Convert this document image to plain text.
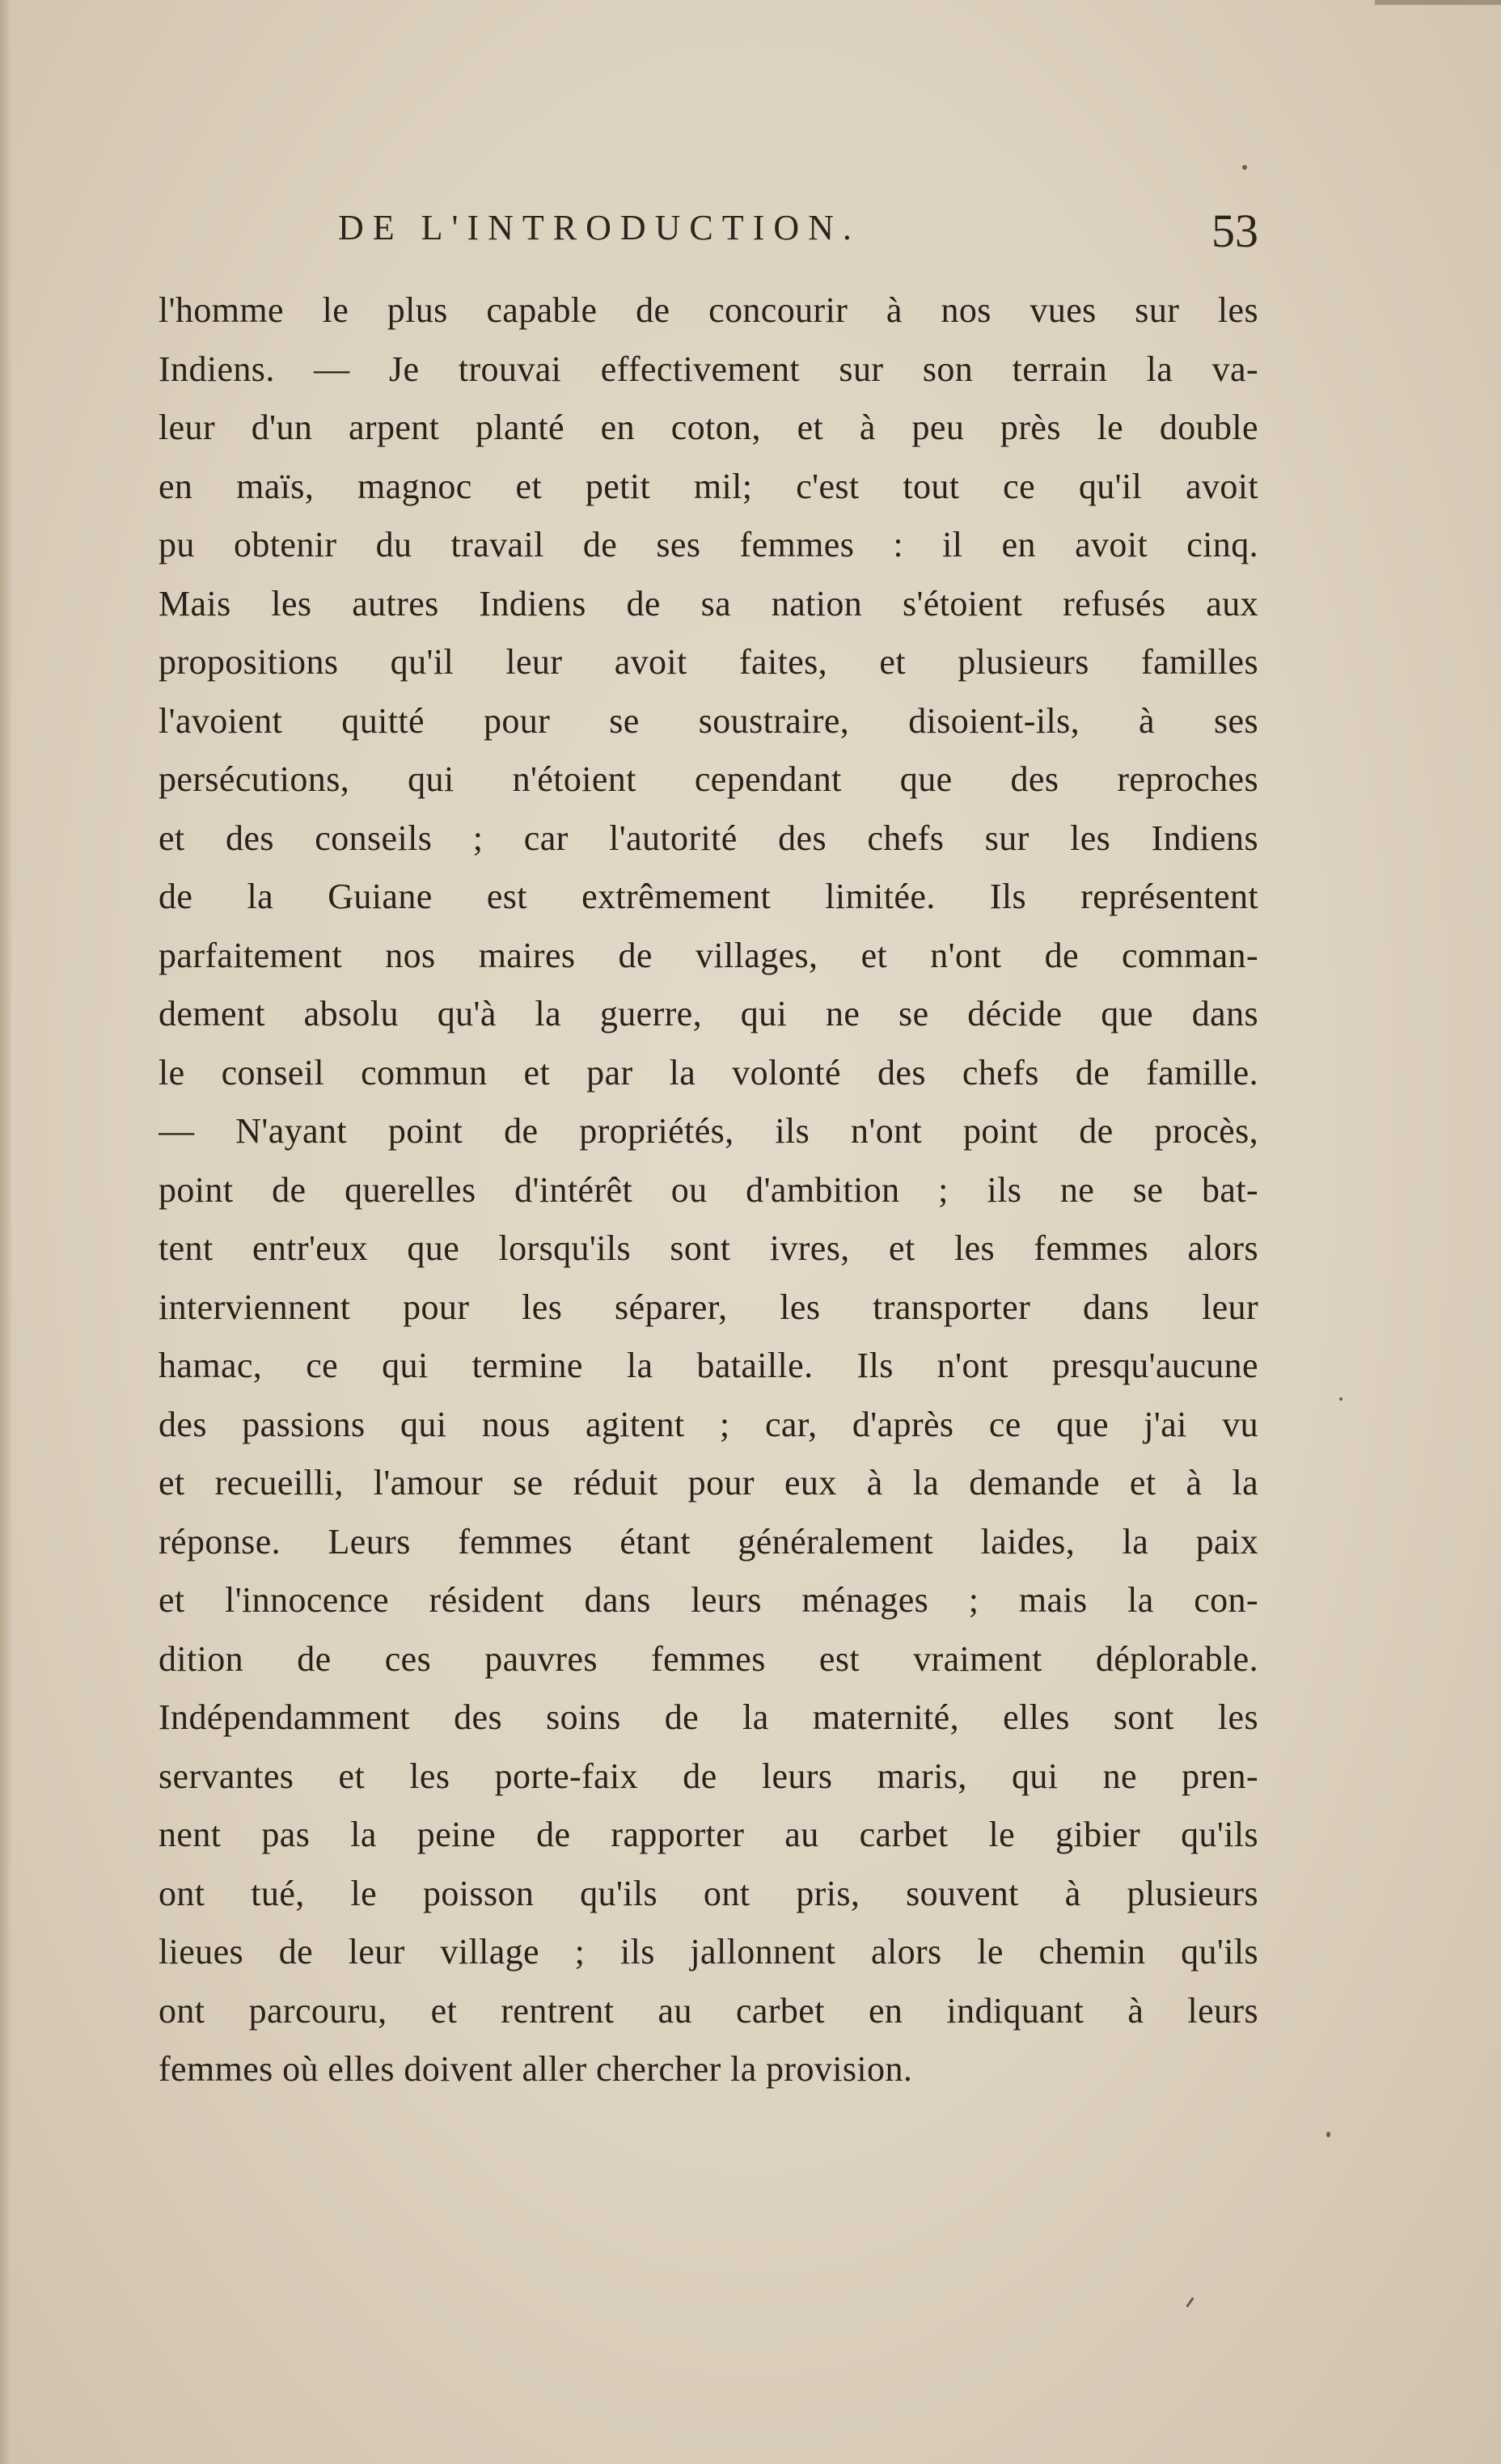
DE L'INTRODUCTION.	53
l'homme le plus capable de concourir à nos vues sur les
Indiens. — Je trouvai effectivement sur son terrain la va-
leur d'un arpent planté en coton, et à peu près le double
en maïs, magnoc et petit mil; c'est tout ce qu'il avoit
pu obtenir du travail de ses femmes : il en avoit cinq.
Mais les autres Indiens de sa nation s'étoient refusés aux
propositions qu'il leur avoit faites, et plusieurs familles
l'avoient quitté pour se soustraire, disoient-ils, à ses
persécutions, qui n'étoient cependant que des reproches
et des conseils ; car l'autorité des chefs sur les Indiens
de la Guiane est extrêmement limitée. Ils représentent
parfaitement nos maires de villages, et n'ont de comman-
dement absolu qu'à la guerre, qui ne se décide que dans
le conseil commun et par la volonté des chefs de famille.
— N'ayant point de propriétés, ils n'ont point de procès,
point de querelles d'intérêt ou d'ambition ; ils ne se bat-
tent entr'eux que lorsqu'ils sont ivres, et les femmes alors
interviennent pour les séparer, les transporter dans leur
hamac, ce qui termine la bataille. Ils n'ont presqu'aucune
des passions qui nous agitent ; car, d'après ce que j'ai vu
et recueilli, l'amour se réduit pour eux à la demande et à la
réponse. Leurs femmes étant généralement laides, la paix
et l'innocence résident dans leurs ménages ; mais la con-
dition de ces pauvres femmes est vraiment déplorable.
Indépendamment des soins de la maternité, elles sont les
servantes et les porte-faix de leurs maris, qui ne pren-
nent pas la peine de rapporter au carbet le gibier qu'ils
ont tué, le poisson qu'ils ont pris, souvent à plusieurs
lieues de leur village ; ils jallonnent alors le chemin qu'ils
ont parcouru, et rentrent au carbet en indiquant à leurs
femmes où elles doivent aller chercher la provision.
